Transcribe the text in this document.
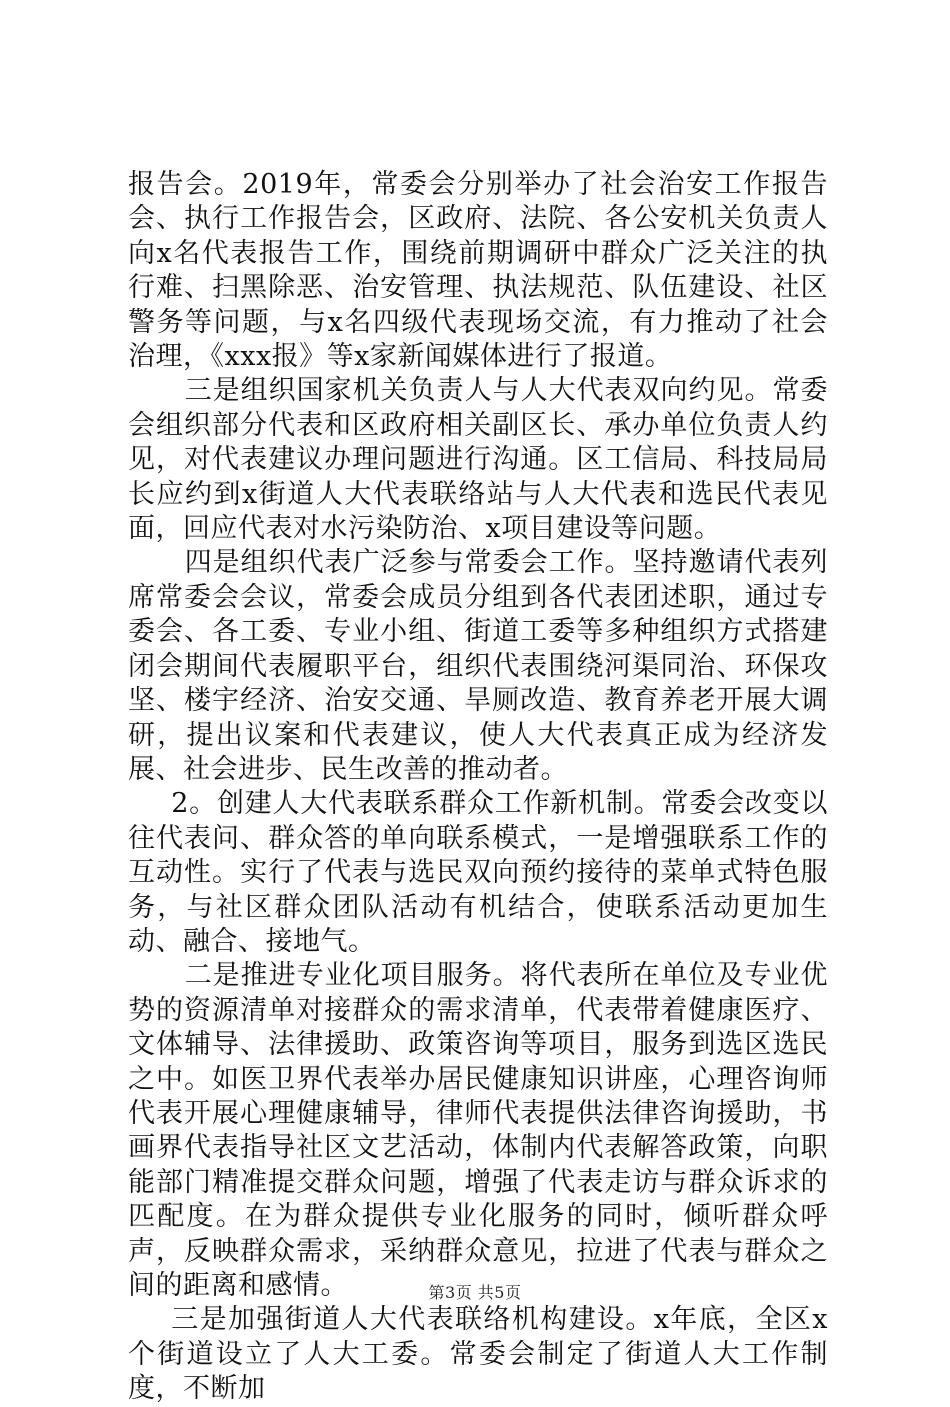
报告会。2019年，常委会分别举办了社会治安工作报告会、执行工作报告会，区政府、法院、各公安机关负责人向x名代表报告工作，围绕前期调研中群众广泛关注的执行难、扫黑除恶、治安管理、执法规范、队伍建设、社区警务等问题，与x名四级代表现场交流，有力推动了社会治理，《xxx报》等x家新闻媒体进行了报道。

三是组织国家机关负责人与人大代表双向约见。常委会组织部分代表和区政府相关副区长、承办单位负责人约见，对代表建议办理问题进行沟通。区工信局、科技局局长应约到x街道人大代表联络站与人大代表和选民代表见面，回应代表对水污染防治、x项目建设等问题。

四是组织代表广泛参与常委会工作。坚持邀请代表列席常委会会议，常委会成员分组到各代表团述职，通过专委会、各工委、专业小组、街道工委等多种组织方式搭建闭会期间代表履职平台，组织代表围绕河渠同治、环保攻坚、楼宇经济、治安交通、旱厕改造、教育养老开展大调研，提出议案和代表建议，使人大代表真正成为经济发展、社会进步、民生改善的推动者。

2。创建人大代表联系群众工作新机制。常委会改变以往代表问、群众答的单向联系模式，一是增强联系工作的互动性。实行了代表与选民双向预约接待的菜单式特色服务，与社区群众团队活动有机结合，使联系活动更加生动、融合、接地气。

二是推进专业化项目服务。将代表所在单位及专业优势的资源清单对接群众的需求清单，代表带着健康医疗、文体辅导、法律援助、政策咨询等项目，服务到选区选民之中。如医卫界代表举办居民健康知识讲座，心理咨询师代表开展心理健康辅导，律师代表提供法律咨询援助，书画界代表指导社区文艺活动，体制内代表解答政策，向职能部门精准提交群众问题，增强了代表走访与群众诉求的匹配度。在为群众提供专业化服务的同时，倾听群众呼声，反映群众需求，采纳群众意见，拉进了代表与群众之间的距离和感情。

三是加强街道人大代表联络机构建设。x年底，全区x个街道设立了人大工委。常委会制定了街道人大工作制度，不断加

第3页 共5页
